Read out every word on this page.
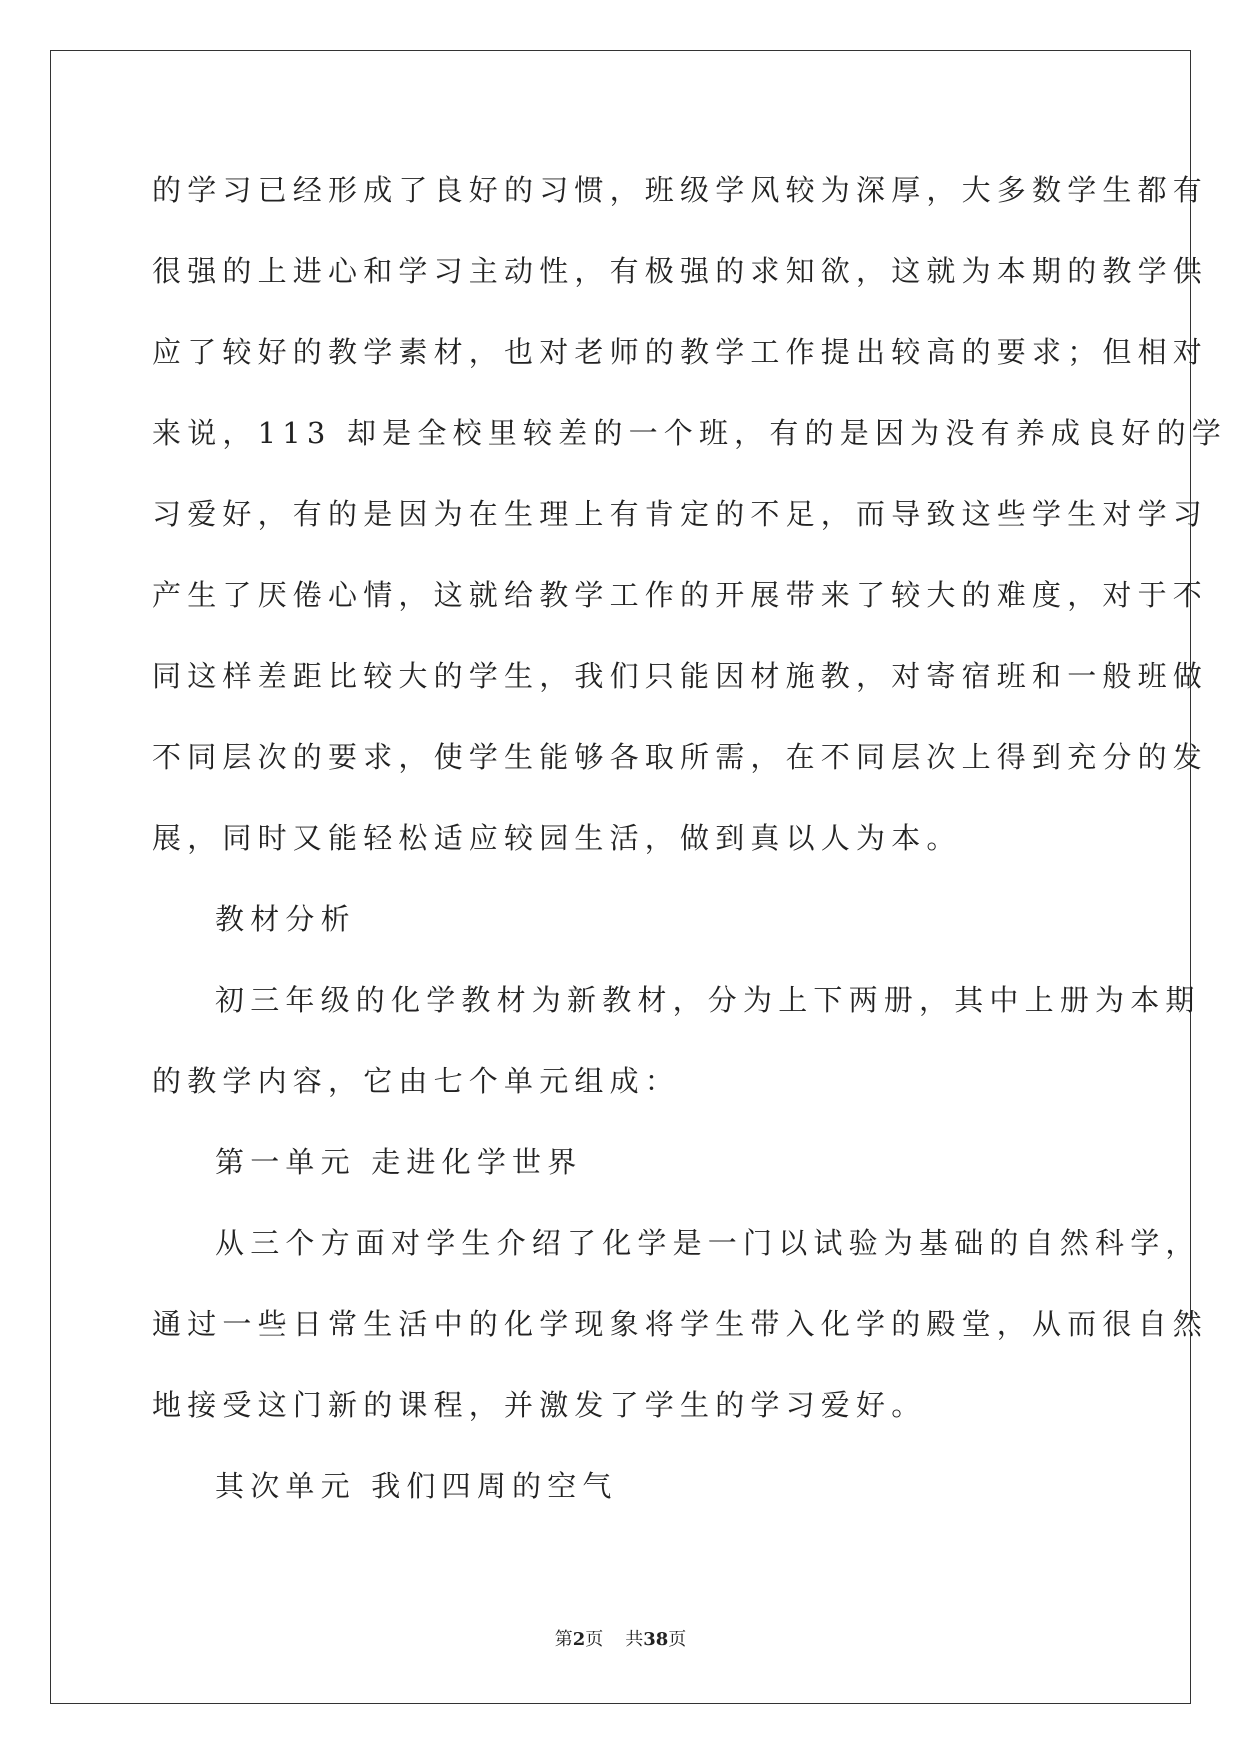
的学习已经形成了良好的习惯，班级学风较为深厚，大多数学生都有
很强的上进心和学习主动性，有极强的求知欲，这就为本期的教学供
应了较好的教学素材，也对老师的教学工作提出较高的要求；但相对
来说，113 却是全校里较差的一个班，有的是因为没有养成良好的学
习爱好，有的是因为在生理上有肯定的不足，而导致这些学生对学习
产生了厌倦心情，这就给教学工作的开展带来了较大的难度，对于不
同这样差距比较大的学生，我们只能因材施教，对寄宿班和一般班做
不同层次的要求，使学生能够各取所需，在不同层次上得到充分的发
展，同时又能轻松适应较园生活，做到真以人为本。
教材分析
初三年级的化学教材为新教材，分为上下两册，其中上册为本期
的教学内容，它由七个单元组成：
第一单元 走进化学世界
从三个方面对学生介绍了化学是一门以试验为基础的自然科学，
通过一些日常生活中的化学现象将学生带入化学的殿堂，从而很自然
地接受这门新的课程，并激发了学生的学习爱好。
其次单元 我们四周的空气
第2页 共38页
